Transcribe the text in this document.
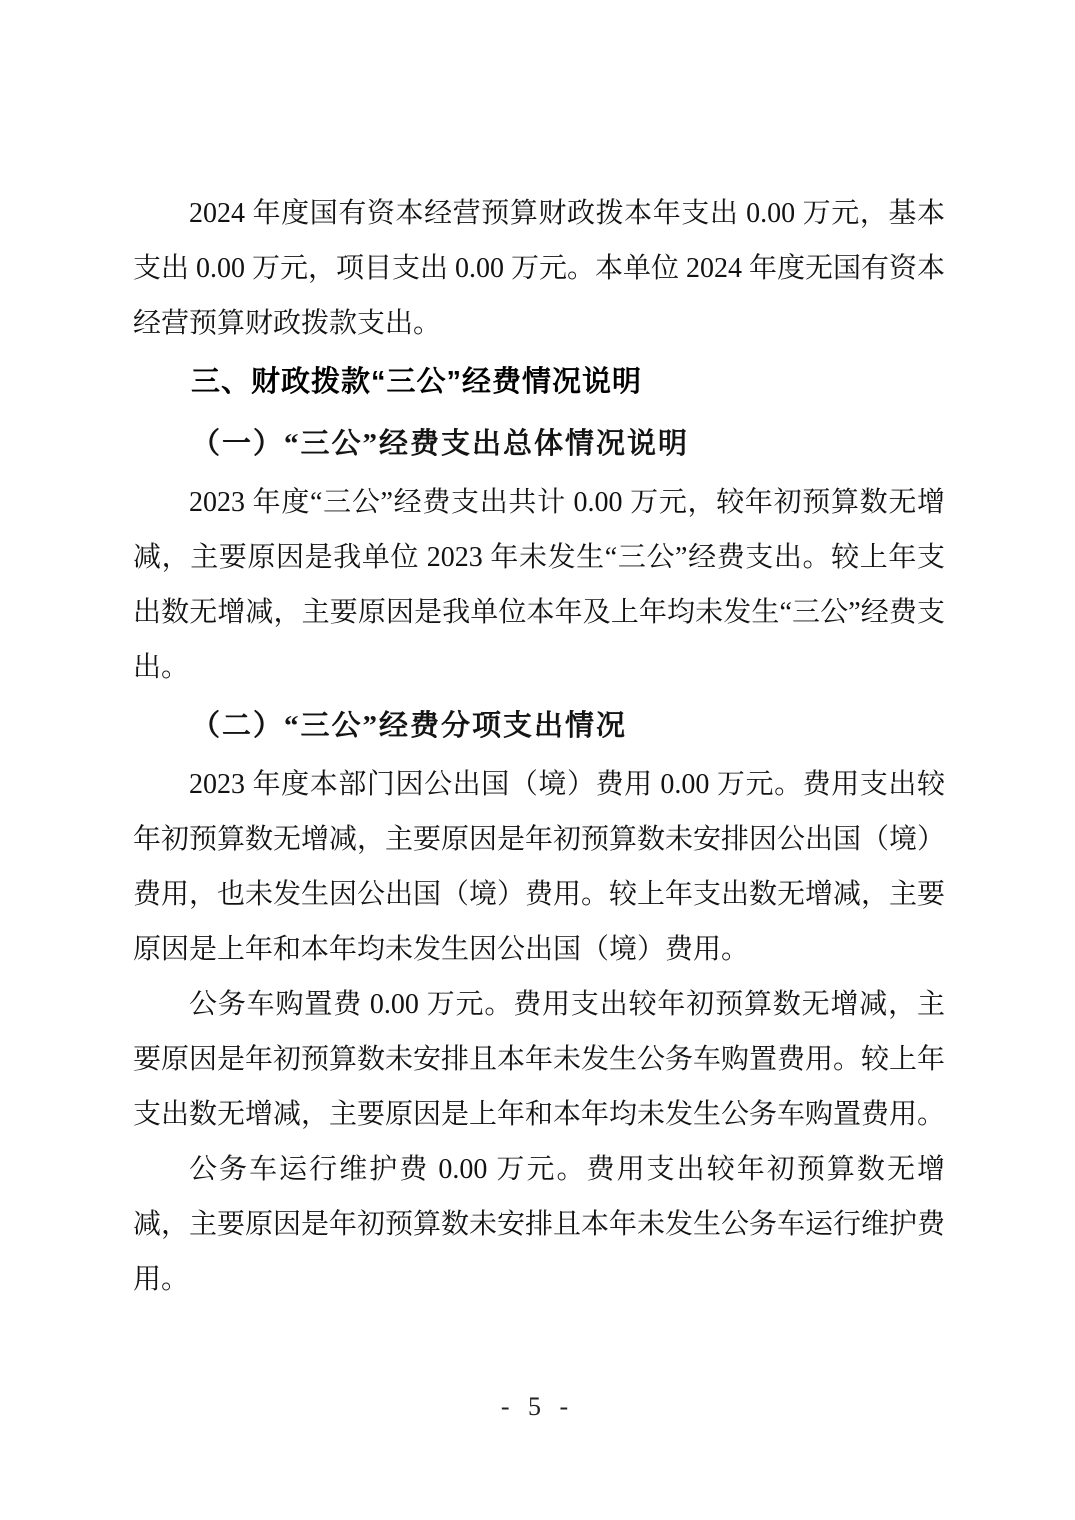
2024 年度国有资本经营预算财政拨本年支出 0.00 万元，基本支出 0.00 万元，项目支出 0.00 万元。本单位 2024 年度无国有资本经营预算财政拨款支出。

三、财政拨款“三公”经费情况说明
（一）“三公”经费支出总体情况说明

2023 年度“三公”经费支出共计 0.00 万元，较年初预算数无增减，主要原因是我单位 2023 年未发生“三公”经费支出。较上年支出数无增减，主要原因是我单位本年及上年均未发生“三公”经费支出。

（二）“三公”经费分项支出情况

2023 年度本部门因公出国（境）费用 0.00 万元。费用支出较年初预算数无增减，主要原因是年初预算数未安排因公出国（境）费用，也未发生因公出国（境）费用。较上年支出数无增减，主要原因是上年和本年均未发生因公出国（境）费用。

公务车购置费 0.00 万元。费用支出较年初预算数无增减，主要原因是年初预算数未安排且本年未发生公务车购置费用。较上年支出数无增减，主要原因是上年和本年均未发生公务车购置费用。

公务车运行维护费 0.00 万元。费用支出较年初预算数无增减，主要原因是年初预算数未安排且本年未发生公务车运行维护费用。

- 5 -
